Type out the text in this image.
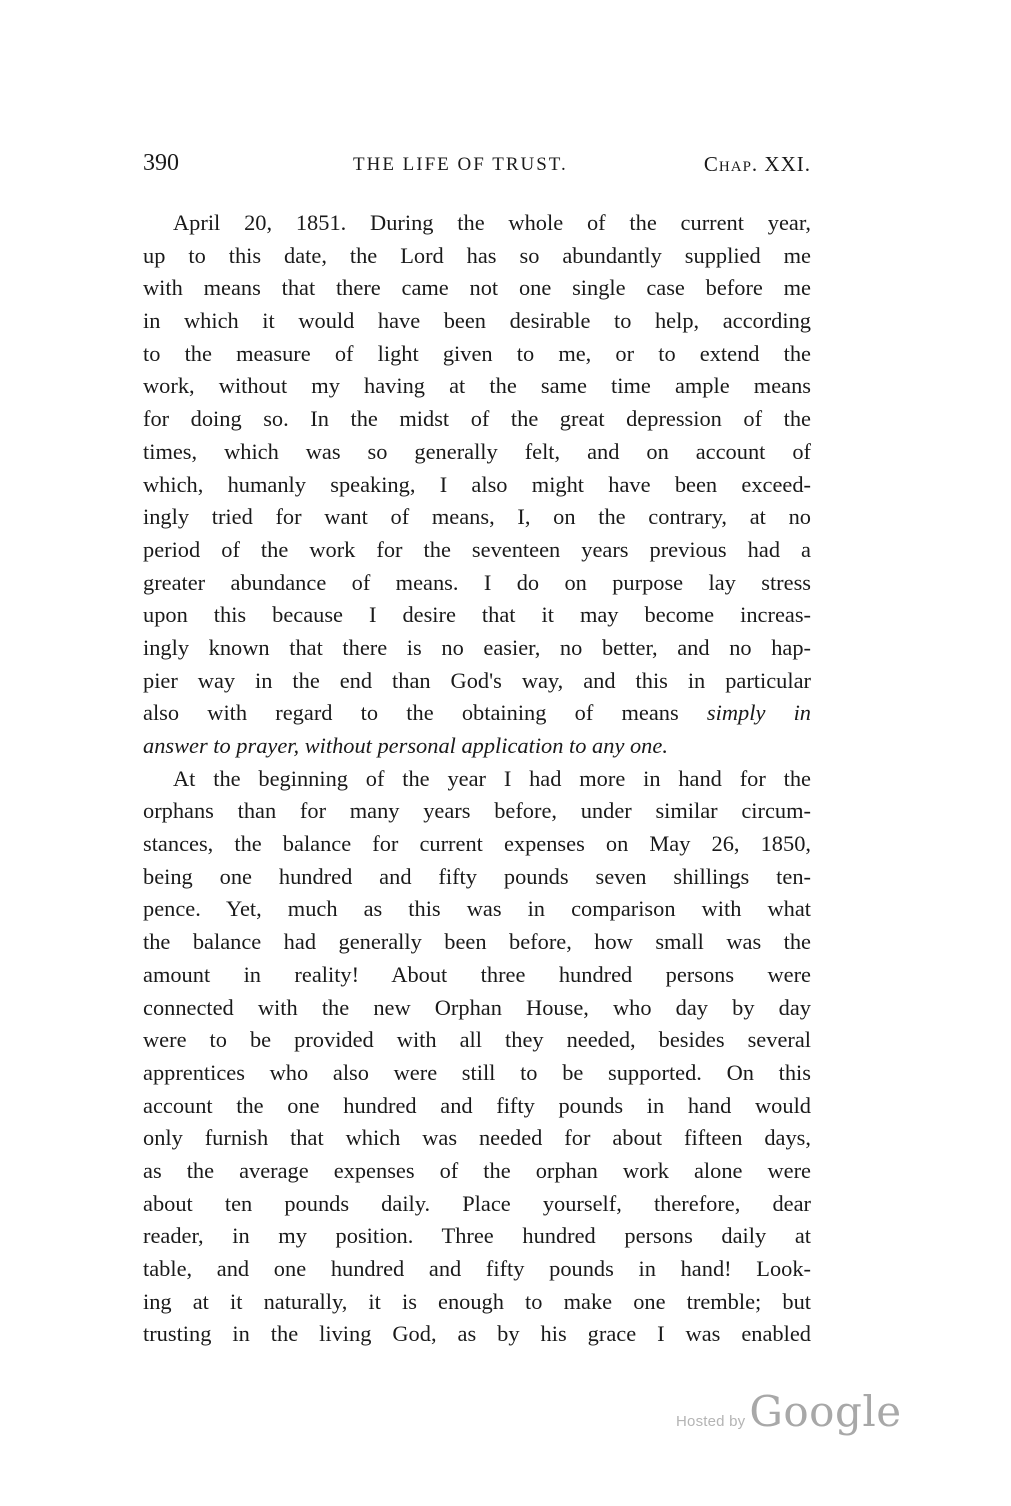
390	THE LIFE OF TRUST.	Chap. XXI.
April 20, 1851. During the whole of the current year,
up to this date, the Lord has so abundantly supplied me
with means that there came not one single case before me
in which it would have been desirable to help, according
to the measure of light given to me, or to extend the
work, without my having at the same time ample means
for doing so. In the midst of the great depression of the
times, which was so generally felt, and on account of
which, humanly speaking, I also might have been exceed-
ingly tried for want of means, I, on the contrary, at no
period of the work for the seventeen years previous had a
greater abundance of means. I do on purpose lay stress
upon this because I desire that it may become increas-
ingly known that there is no easier, no better, and no hap-
pier way in the end than God's way, and this in particular
also with regard to the obtaining of means simply in
answer to prayer, without personal application to any one.
At the beginning of the year I had more in hand for the
orphans than for many years before, under similar circum-
stances, the balance for current expenses on May 26, 1850,
being one hundred and fifty pounds seven shillings ten-
pence. Yet, much as this was in comparison with what
the balance had generally been before, how small was the
amount in reality! About three hundred persons were
connected with the new Orphan House, who day by day
were to be provided with all they needed, besides several
apprentices who also were still to be supported. On this
account the one hundred and fifty pounds in hand would
only furnish that which was needed for about fifteen days,
as the average expenses of the orphan work alone were
about ten pounds daily. Place yourself, therefore, dear
reader, in my position. Three hundred persons daily at
table, and one hundred and fifty pounds in hand! Look-
ing at it naturally, it is enough to make one tremble; but
trusting in the living God, as by his grace I was enabled
Hosted by Google
